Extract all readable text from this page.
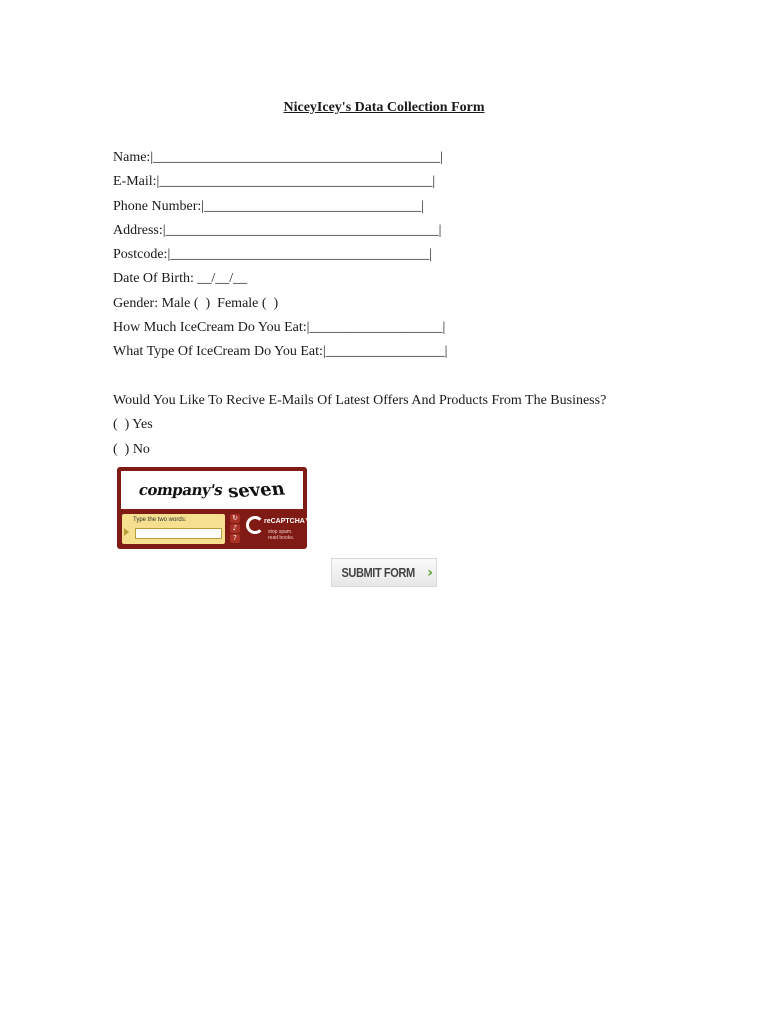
NiceyIcey's Data Collection Form
Name:|_________________________________________|
E-Mail:|_______________________________________|
Phone Number:|_______________________________|
Address:|_______________________________________|
Postcode:|_____________________________________|
Date Of Birth: __/__/__
Gender: Male (  )  Female (  )
How Much IceCream Do You Eat:|___________________|
What Type Of IceCream Do You Eat:|_________________|
Would You Like To Recive E-Mails Of Latest Offers And Products From The Business?
(  ) Yes
(  ) No
company's seven
Type the two words:	↻
♪
?
reCAPTCHA™
stop spam.
read books.
SUBMIT FORM ›
